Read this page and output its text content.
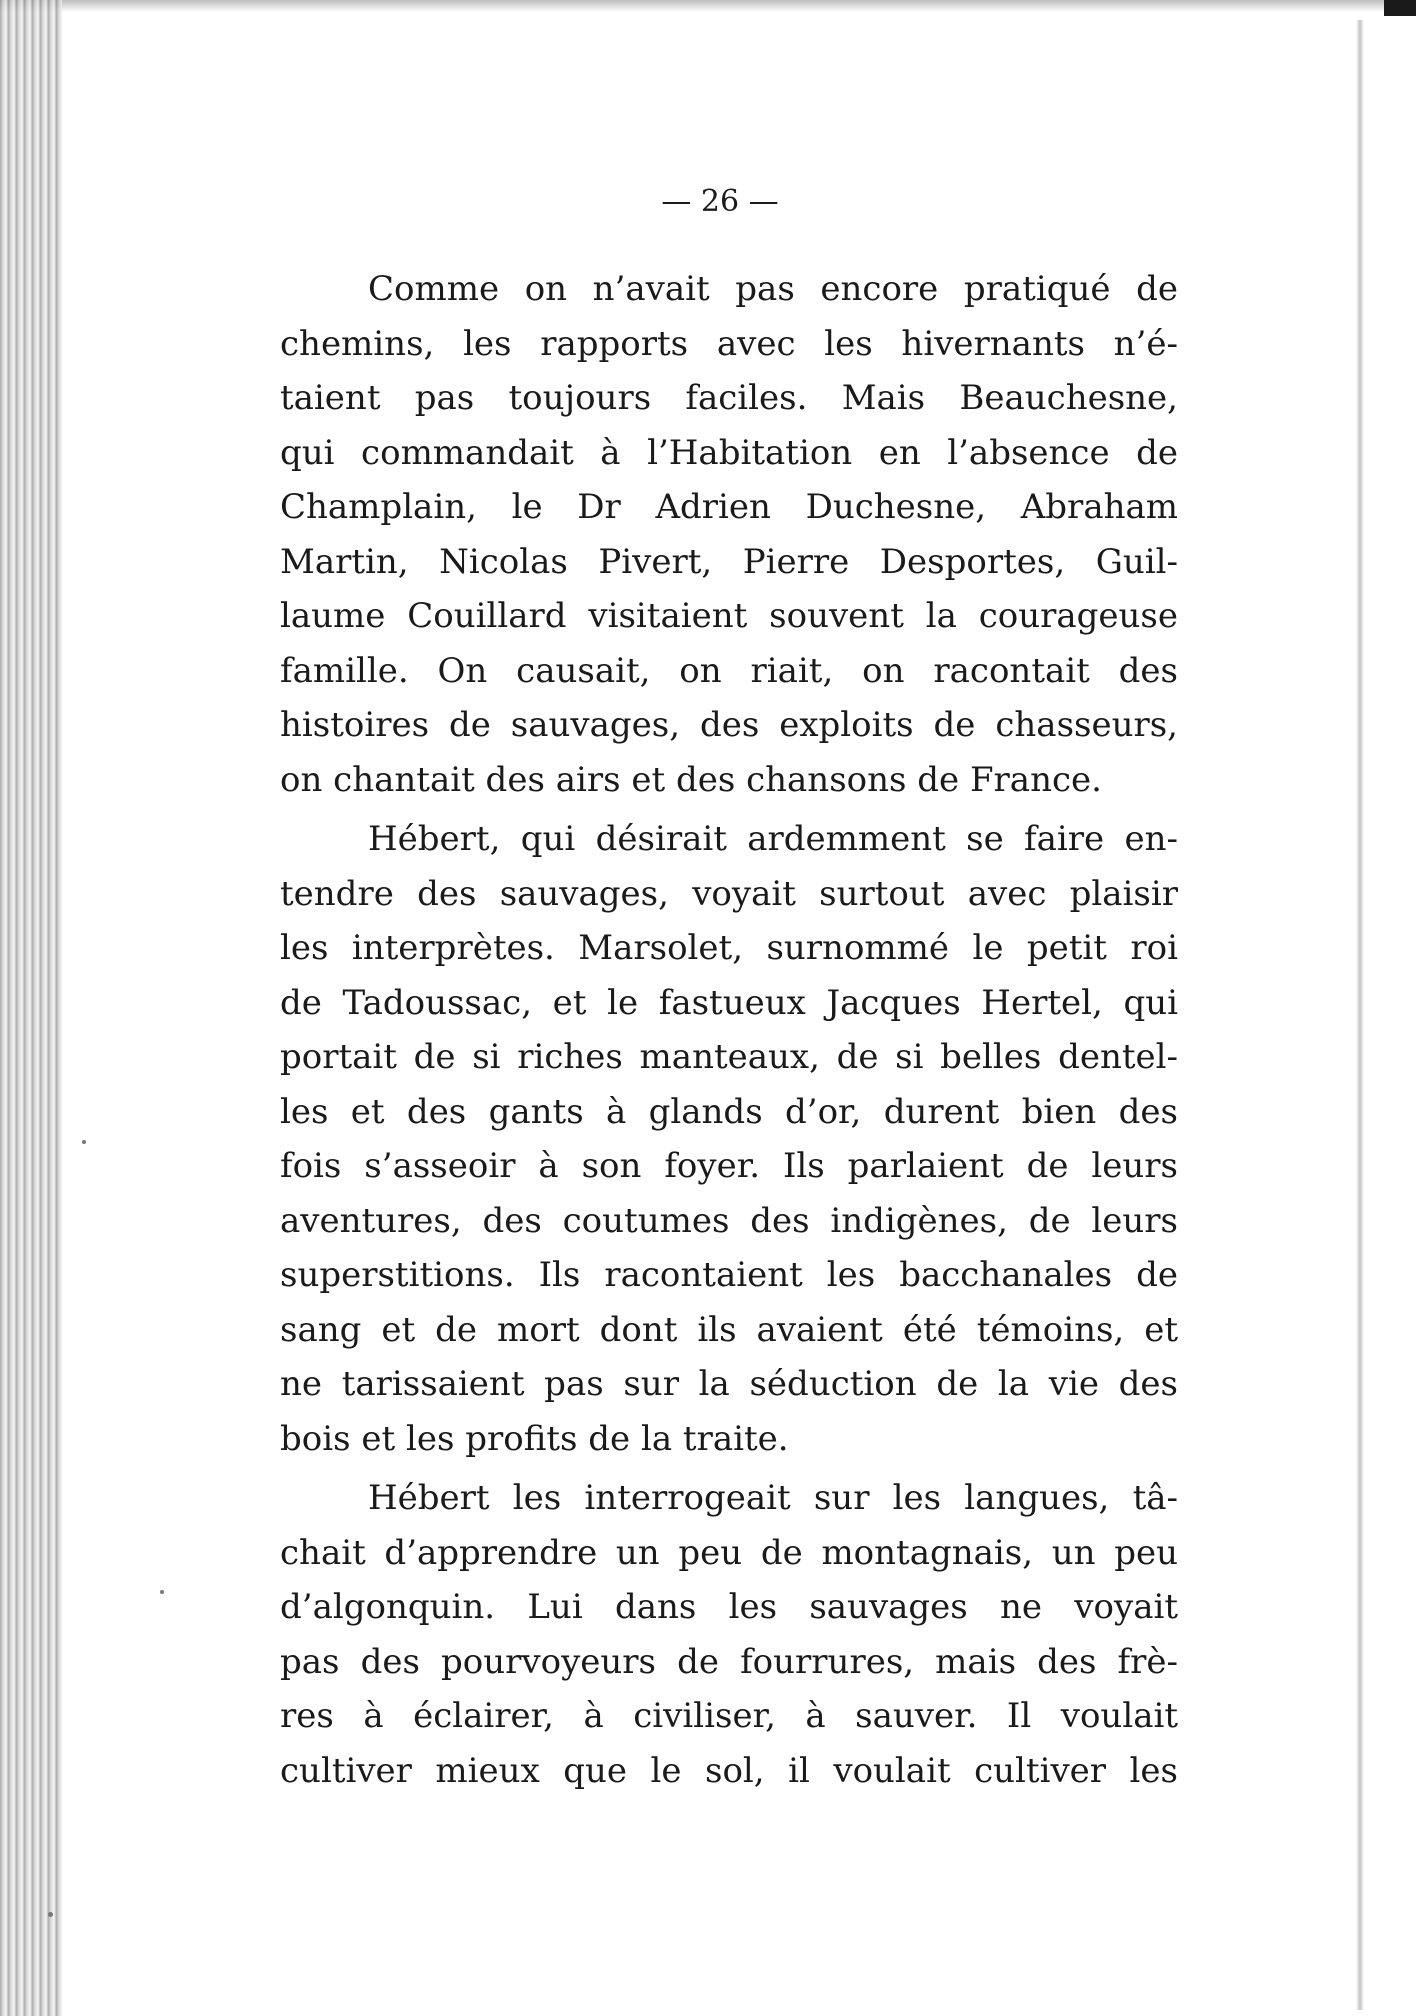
— 26 —

Comme on n’avait pas encore pratiqué de
chemins, les rapports avec les hivernants n’é-
taient pas toujours faciles. Mais Beauchesne,
qui commandait à l’Habitation en l’absence de
Champlain, le Dr Adrien Duchesne, Abraham
Martin, Nicolas Pivert, Pierre Desportes, Guil-
laume Couillard visitaient souvent la courageuse
famille. On causait, on riait, on racontait des
histoires de sauvages, des exploits de chasseurs,
on chantait des airs et des chansons de France.

Hébert, qui désirait ardemment se faire en-
tendre des sauvages, voyait surtout avec plaisir
les interprètes. Marsolet, surnommé le petit roi
de Tadoussac, et le fastueux Jacques Hertel, qui
portait de si riches manteaux, de si belles dentel-
les et des gants à glands d’or, durent bien des
fois s’asseoir à son foyer. Ils parlaient de leurs
aventures, des coutumes des indigènes, de leurs
superstitions. Ils racontaient les bacchanales de
sang et de mort dont ils avaient été témoins, et
ne tarissaient pas sur la séduction de la vie des
bois et les profits de la traite.

Hébert les interrogeait sur les langues, tâ-
chait d’apprendre un peu de montagnais, un peu
d’algonquin. Lui dans les sauvages ne voyait
pas des pourvoyeurs de fourrures, mais des frè-
res à éclairer, à civiliser, à sauver. Il voulait
cultiver mieux que le sol, il voulait cultiver les
